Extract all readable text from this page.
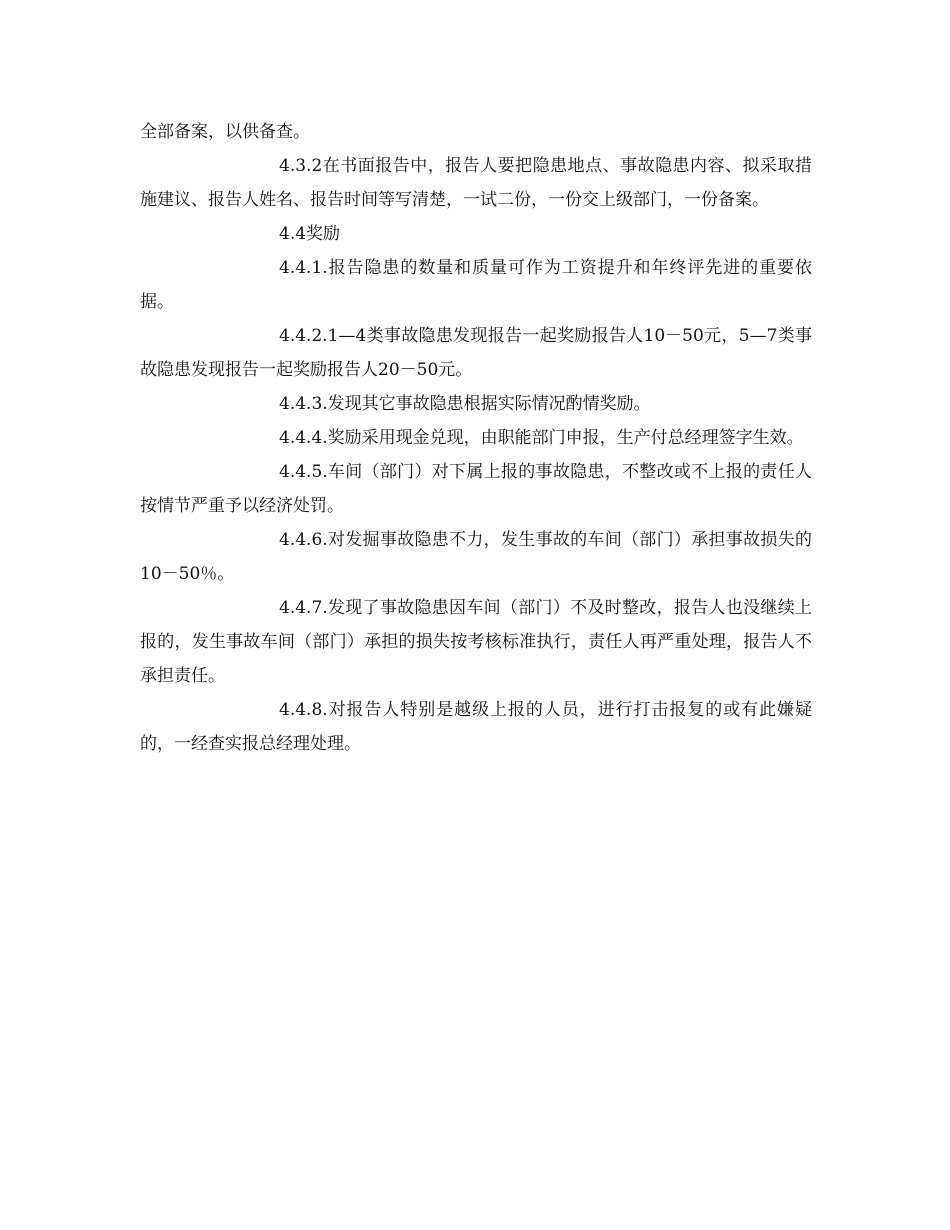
全部备案，以供备查。

4.3.2在书面报告中，报告人要把隐患地点、事故隐患内容、拟采取措施建议、报告人姓名、报告时间等写清楚，一试二份，一份交上级部门，一份备案。

4.4奖励

4.4.1.报告隐患的数量和质量可作为工资提升和年终评先进的重要依据。

4.4.2.1—4类事故隐患发现报告一起奖励报告人10－50元，5—7类事故隐患发现报告一起奖励报告人20－50元。

4.4.3.发现其它事故隐患根据实际情况酌情奖励。

4.4.4.奖励采用现金兑现，由职能部门申报，生产付总经理签字生效。

4.4.5.车间（部门）对下属上报的事故隐患，不整改或不上报的责任人按情节严重予以经济处罚。

4.4.6.对发掘事故隐患不力，发生事故的车间（部门）承担事故损失的10－50％。

4.4.7.发现了事故隐患因车间（部门）不及时整改，报告人也没继续上报的，发生事故车间（部门）承担的损失按考核标准执行，责任人再严重处理，报告人不承担责任。

4.4.8.对报告人特别是越级上报的人员，进行打击报复的或有此嫌疑的，一经查实报总经理处理。
